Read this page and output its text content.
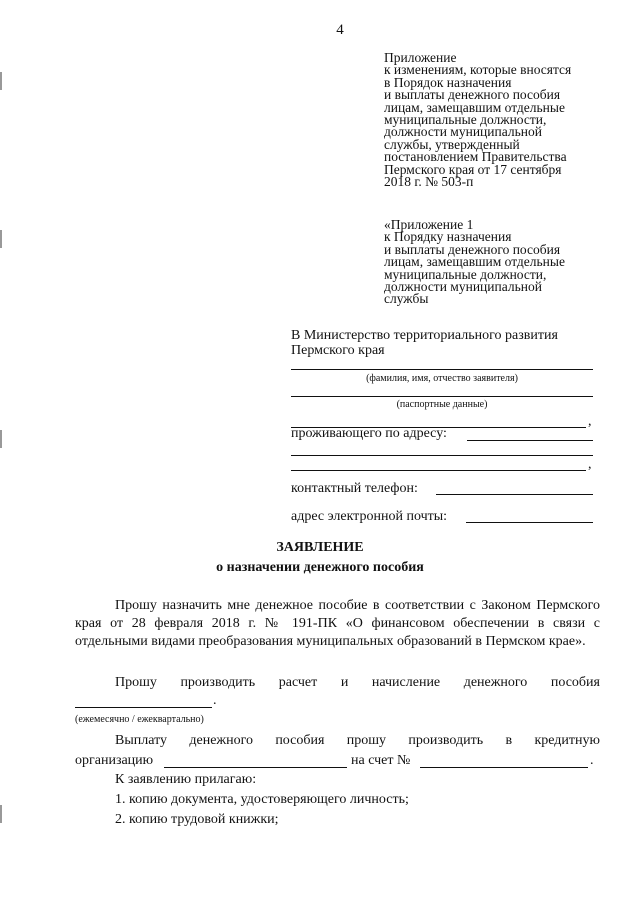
4
Приложение
к изменениям, которые вносятся
в Порядок назначения
и выплаты денежного пособия
лицам, замещавшим отдельные
муниципальные должности,
должности муниципальной
службы, утвержденный
постановлением Правительства
Пермского края от 17 сентября
2018 г. № 503-п
«Приложение 1
к Порядку назначения
и выплаты денежного пособия
лицам, замещавшим отдельные
муниципальные должности,
должности муниципальной
службы
В Министерство территориального развития
Пермского края
(фамилия, имя, отчество заявителя)
(паспортные данные)
,
проживающего по адресу:
,
контактный телефон:
адрес электронной почты:
ЗАЯВЛЕНИЕ
о назначении денежного пособия
Прошу назначить мне денежное пособие в соответствии с Законом Пермского края от 28 февраля 2018 г. № 191-ПК «О финансовом обеспечении в связи с отдельными видами преобразования муниципальных образований в Пермском крае».
Прошу производить расчет и начисление денежного пособия
.
(ежемесячно / ежеквартально)
Выплату денежного пособия прошу производить в кредитную
организацию	на счет №	.
К заявлению прилагаю:
1. копию документа, удостоверяющего личность;
2. копию трудовой книжки;
